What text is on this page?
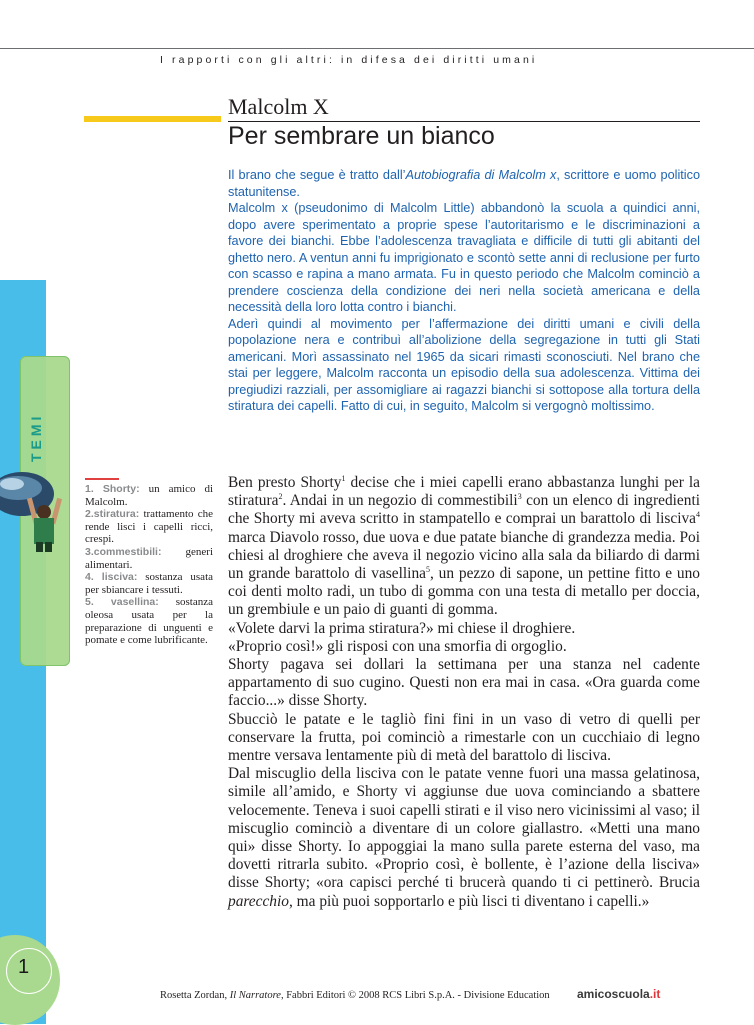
I rapporti con gli altri: in difesa dei diritti umani
Malcolm X
Per sembrare un bianco

Il brano che segue è tratto dall’Autobiografia di Malcolm x, scrittore e uomo politico statunitense.

Malcolm x (pseudonimo di Malcolm Little) abbandonò la scuola a quindici anni, dopo avere sperimentato a proprie spese l’autoritarismo e le discriminazioni a favore dei bianchi. Ebbe l’adolescenza travagliata e difficile di tutti gli abitanti del ghetto nero. A ventun anni fu imprigionato e scontò sette anni di reclusione per furto con scasso e rapina a mano armata. Fu in questo periodo che Malcolm cominciò a prendere coscienza della condizione dei neri nella società americana e della necessità della loro lotta contro i bianchi.

Aderì quindi al movimento per l’affermazione dei diritti umani e civili della popolazione nera e contribuì all’abolizione della segregazione in tutti gli Stati americani. Morì assassinato nel 1965 da sicari rimasti sconosciuti. Nel brano che stai per leggere, Malcolm racconta un episodio della sua adolescenza. Vittima dei pregiudizi razziali, per assomigliare ai ragazzi bianchi si sottopose alla tortura della stiratura dei capelli. Fatto di cui, in seguito, Malcolm si vergognò moltissimo.

TEMI

1. Shorty: un amico di Malcolm.

2.stiratura: trattamento che rende lisci i capelli ricci, crespi.

3.commestibili: generi alimentari.

4. lisciva: sostanza usata per sbiancare i tessuti.

5. vasellina: sostanza oleosa usata per la preparazione di unguenti e pomate e come lubrificante.

Ben presto Shorty$^1$ decise che i miei capelli erano abbastanza lunghi per la stiratura$^2$. Andai in un negozio di commestibili$^3$ con un elenco di ingredienti che Shorty mi aveva scritto in stampatello e comprai un barattolo di lisciva$^4$ marca Diavolo rosso, due uova e due patate bianche di grandezza media. Poi chiesi al droghiere che aveva il negozio vicino alla sala da biliardo di darmi un grande barattolo di vasellina$^5$, un pezzo di sapone, un pettine fitto e uno coi denti molto radi, un tubo di gomma con una testa di metallo per doccia, un grembiule e un paio di guanti di gomma.

«Volete darvi la prima stiratura?» mi chiese il droghiere.

«Proprio così!» gli risposi con una smorfia di orgoglio.

Shorty pagava sei dollari la settimana per una stanza nel cadente appartamento di suo cugino. Questi non era mai in casa. «Ora guarda come faccio...» disse Shorty.

Sbucciò le patate e le tagliò fini fini in un vaso di vetro di quelli per conservare la frutta, poi cominciò a rimestarle con un cucchiaio di legno mentre versava lentamente più di metà del barattolo di lisciva.

Dal miscuglio della lisciva con le patate venne fuori una massa gelatinosa, simile all’amido, e Shorty vi aggiunse due uova cominciando a sbattere velocemente. Teneva i suoi capelli stirati e il viso nero vicinissimi al vaso; il miscuglio cominciò a diventare di un colore giallastro. «Metti una mano qui» disse Shorty. Io appoggiai la mano sulla parete esterna del vaso, ma dovetti ritrarla subito. «Proprio così, è bollente, è l’azione della lisciva» disse Shorty; «ora capisci perché ti brucerà quando ti ci pettinerò. Brucia parecchio, ma più puoi sopportarlo e più lisci ti diventano i capelli.»

1
Rosetta Zordan, Il Narratore, Fabbri Editori © 2008 RCS Libri S.p.A. - Divisione Education amicoscuola.it
